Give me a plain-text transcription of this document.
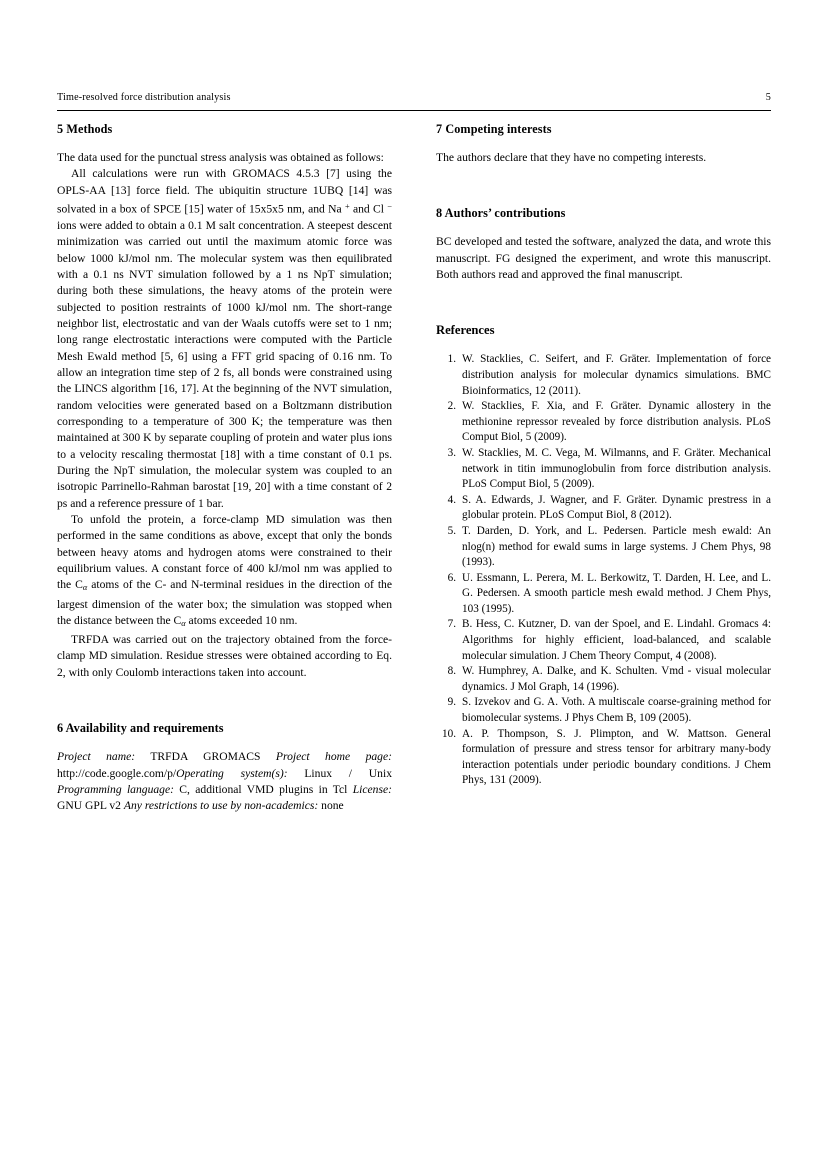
Time-resolved force distribution analysis	5
5 Methods

The data used for the punctual stress analysis was obtained as follows:

All calculations were run with GROMACS 4.5.3 [7] using the OPLS-AA [13] force field. The ubiquitin structure 1UBQ [14] was solvated in a box of SPCE [15] water of 15x5x5 nm, and Na + and Cl − ions were added to obtain a 0.1 M salt concentration. A steepest descent minimization was carried out until the maximum atomic force was below 1000 kJ/mol nm. The molecular system was then equilibrated with a 0.1 ns NVT simulation followed by a 1 ns NpT simulation; during both these simulations, the heavy atoms of the protein were subjected to position restraints of 1000 kJ/mol nm. The short-range neighbor list, electrostatic and van der Waals cutoffs were set to 1 nm; long range electrostatic interactions were computed with the Particle Mesh Ewald method [5, 6] using a FFT grid spacing of 0.16 nm. To allow an integration time step of 2 fs, all bonds were constrained using the LINCS algorithm [16, 17]. At the beginning of the NVT simulation, random velocities were generated based on a Boltzmann distribution corresponding to a temperature of 300 K; the temperature was then maintained at 300 K by separate coupling of protein and water plus ions to a velocity rescaling thermostat [18] with a time constant of 0.1 ps. During the NpT simulation, the molecular system was coupled to an isotropic Parrinello-Rahman barostat [19, 20] with a time constant of 2 ps and a reference pressure of 1 bar.

To unfold the protein, a force-clamp MD simulation was then performed in the same conditions as above, except that only the bonds between heavy atoms and hydrogen atoms were constrained to their equilibrium values. A constant force of 400 kJ/mol nm was applied to the $C_\alpha$ atoms of the C- and N-terminal residues in the direction of the largest dimension of the water box; the simulation was stopped when the distance between the $C_\alpha$ atoms exceeded 10 nm.

TRFDA was carried out on the trajectory obtained from the force-clamp MD simulation. Residue stresses were obtained according to Eq. 2, with only Coulomb interactions taken into account.

6 Availability and requirements

Project name: TRFDA GROMACS Project home page: http://code.google.com/p/Operating system(s): Linux / Unix Programming language: C, additional VMD plugins in Tcl License: GNU GPL v2 Any restrictions to use by non-academics: none

7 Competing interests

The authors declare that they have no competing interests.

8 Authors’ contributions

BC developed and tested the software, analyzed the data, and wrote this manuscript. FG designed the experiment, and wrote this manuscript. Both authors read and approved the final manuscript.

References
W. Stacklies, C. Seifert, and F. Gräter. Implementation of force distribution analysis for molecular dynamics simulations. BMC Bioinformatics, 12 (2011).
W. Stacklies, F. Xia, and F. Gräter. Dynamic allostery in the methionine repressor revealed by force distribution analysis. PLoS Comput Biol, 5 (2009).
W. Stacklies, M. C. Vega, M. Wilmanns, and F. Gräter. Mechanical network in titin immunoglobulin from force distribution analysis. PLoS Comput Biol, 5 (2009).
S. A. Edwards, J. Wagner, and F. Gräter. Dynamic prestress in a globular protein. PLoS Comput Biol, 8 (2012).
T. Darden, D. York, and L. Pedersen. Particle mesh ewald: An nlog(n) method for ewald sums in large systems. J Chem Phys, 98 (1993).
U. Essmann, L. Perera, M. L. Berkowitz, T. Darden, H. Lee, and L. G. Pedersen. A smooth particle mesh ewald method. J Chem Phys, 103 (1995).
B. Hess, C. Kutzner, D. van der Spoel, and E. Lindahl. Gromacs 4: Algorithms for highly efficient, load-balanced, and scalable molecular simulation. J Chem Theory Comput, 4 (2008).
W. Humphrey, A. Dalke, and K. Schulten. Vmd - visual molecular dynamics. J Mol Graph, 14 (1996).
S. Izvekov and G. A. Voth. A multiscale coarse-graining method for biomolecular systems. J Phys Chem B, 109 (2005).
A. P. Thompson, S. J. Plimpton, and W. Mattson. General formulation of pressure and stress tensor for arbitrary many-body interaction potentials under periodic boundary conditions. J Chem Phys, 131 (2009).
